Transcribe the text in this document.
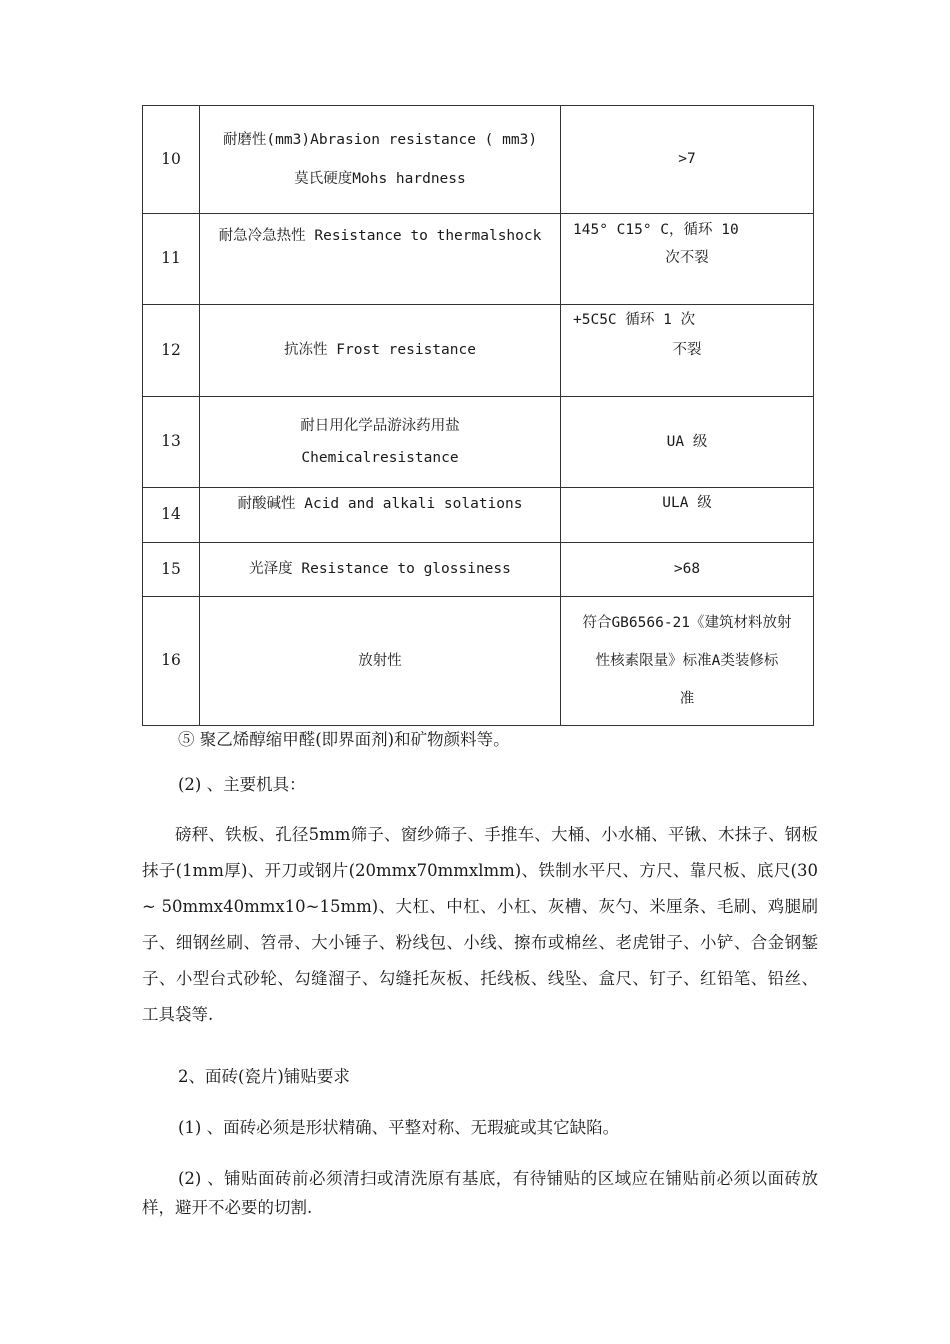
10	耐磨性(mm3)Abrasion resistance ( mm3)
莫氏硬度Mohs hardness	>7

11	耐急冷急热性 Resistance to thermalshock	145° C15° C，循环 10
次不裂

12	抗冻性 Frost resistance	+5C5C 循环 1 次
不裂

13	耐日用化学品游泳药用盐
Chemicalresistance	UA 级

14	耐酸碱性 Acid and alkali solations	ULA 级

15	光泽度 Resistance to glossiness	>68

16	放射性	符合GB6566-21《建筑材料放射
性核素限量》标准A类装修标
准
⑤ 聚乙烯醇缩甲醛(即界面剂)和矿物颜料等。
(2) 、主要机具：
磅秤、铁板、孔径5mm筛子、窗纱筛子、手推车、大桶、小水桶、平锹、木抹子、钢板抹子(1mm厚)、开刀或钢片(20mmx70mmxlmm)、铁制水平尺、方尺、靠尺板、底尺(30 ~ 50mmx40mmx10~15mm)、大杠、中杠、小杠、灰槽、灰勺、米厘条、毛刷、鸡腿刷子、细钢丝刷、笤帚、大小锤子、粉线包、小线、擦布或棉丝、老虎钳子、小铲、合金钢錾子、小型台式砂轮、勾缝溜子、勾缝托灰板、托线板、线坠、盒尺、钉子、红铅笔、铅丝、工具袋等.
2、面砖(瓷片)铺贴要求
(1) 、面砖必须是形状精确、平整对称、无瑕疵或其它缺陷。
(2) 、铺贴面砖前必须清扫或清洗原有基底，有待铺贴的区域应在铺贴前必须以面砖放样，避开不必要的切割.
